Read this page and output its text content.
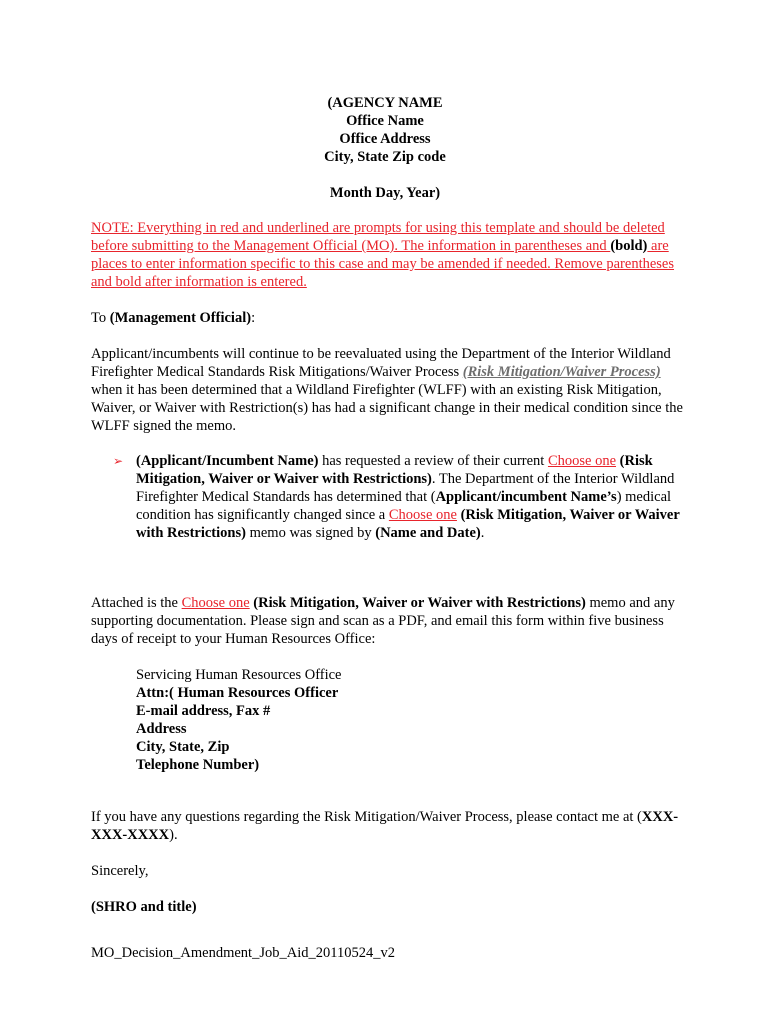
(AGENCY NAME
Office Name
Office Address
City, State Zip code
Month Day, Year)

NOTE: Everything in red and underlined are prompts for using this template and should be deleted before submitting to the Management Official (MO). The information in parentheses and (bold) are places to enter information specific to this case and may be amended if needed. Remove parentheses and bold after information is entered.

To (Management Official):

Applicant/incumbents will continue to be reevaluated using the Department of the Interior Wildland Firefighter Medical Standards Risk Mitigations/Waiver Process (Risk Mitigation/Waiver Process) when it has been determined that a Wildland Firefighter (WLFF) with an existing Risk Mitigation, Waiver, or Waiver with Restriction(s) has had a significant change in their medical condition since the WLFF signed the memo.

➢ (Applicant/Incumbent Name) has requested a review of their current Choose one (Risk Mitigation, Waiver or Waiver with Restrictions). The Department of the Interior Wildland Firefighter Medical Standards has determined that (Applicant/incumbent Name’s) medical condition has significantly changed since a Choose one (Risk Mitigation, Waiver or Waiver with Restrictions) memo was signed by (Name and Date).

Attached is the Choose one (Risk Mitigation, Waiver or Waiver with Restrictions) memo and any supporting documentation. Please sign and scan as a PDF, and email this form within five business days of receipt to your Human Resources Office:

Servicing Human Resources Office
Attn:( Human Resources Officer
E-mail address, Fax #
Address
City, State, Zip
Telephone Number)

If you have any questions regarding the Risk Mitigation/Waiver Process, please contact me at (XXX-XXX-XXXX).

Sincerely,

(SHRO and title)

MO_Decision_Amendment_Job_Aid_20110524_v2
